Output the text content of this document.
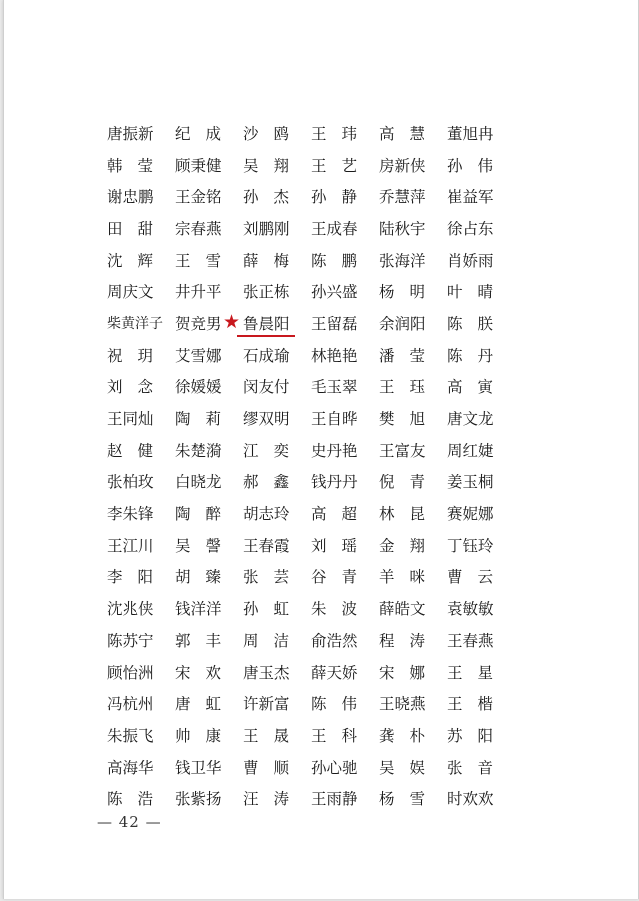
唐 振 新 纪 成 沙 鸥 王 玮 高 慧 董 旭 冉
韩 莹 顾 秉 健 吴 翔 王 艺 房 新 侠 孙 伟
谢 忠 鹏 王 金 铭 孙 杰 孙 静 乔 慧 萍 崔 益 军
田 甜 宗 春 燕 刘 鹏 刚 王 成 春 陆 秋 宇 徐 占 东
沈 辉 王 雪 薛 梅 陈 鹏 张 海 洋 肖 娇 雨
周 庆 文 井 升 平 张 正 栋 孙 兴 盛 杨 明 叶 晴
柴 黄 洋 子 贺 竞 男 鲁 晨 阳
★	王 留 磊 余 润 阳 陈 朕
祝 玥 艾 雪 娜 石 成 瑜 林 艳 艳 潘 莹 陈 丹
刘 念 徐 媛 媛 闵 友 付 毛 玉 翠 王 珏 高 寅
王 同 灿 陶 莉 缪 双 明 王 自 晔 樊 旭 唐 文 龙
赵 健 朱 楚 漪 江 奕 史 丹 艳 王 富 友 周 红 婕
张 柏 玫 白 晓 龙 郝 鑫 钱 丹 丹 倪 青 姜 玉 桐
李 朱 锋 陶 醉 胡 志 玲 高 超 林 昆 赛 妮 娜
王 江 川 吴 謦 王 春 霞 刘 瑶 金 翔 丁 钰 玲
李 阳 胡 臻 张 芸 谷 青 羊 咪 曹 云
沈 兆 侠 钱 洋 洋 孙 虹 朱 波 薛 皓 文 袁 敏 敏
陈 苏 宁 郭 丰 周 洁 俞 浩 然 程 涛 王 春 燕
顾 怡 洲 宋 欢 唐 玉 杰 薛 天 娇 宋 娜 王 星
冯 杭 州 唐 虹 许 新 富 陈 伟 王 晓 燕 王 楷
朱 振 飞 帅 康 王 晟 王 科 龚 朴 苏 阳
高 海 华 钱 卫 华 曹 顺 孙 心 驰 吴 娱 张 音
陈 浩 张 紫 扬 汪 涛 王 雨 静 杨 雪 时 欢 欢
— 42 —
